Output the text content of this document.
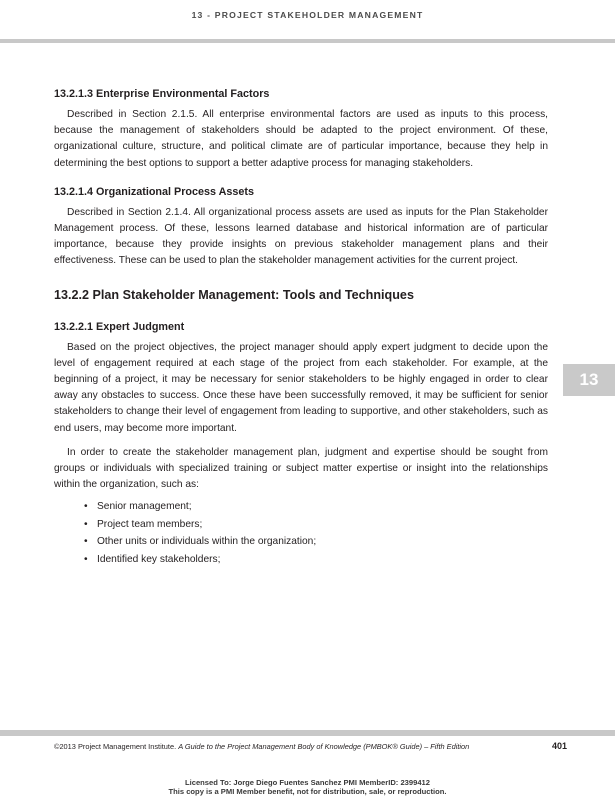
13 - PROJECT STAKEHOLDER MANAGEMENT
13
13.2.1.3 Enterprise Environmental Factors

Described in Section 2.1.5. All enterprise environmental factors are used as inputs to this process, because the management of stakeholders should be adapted to the project environment. Of these, organizational culture, structure, and political climate are of particular importance, because they help in determining the best options to support a better adaptive process for managing stakeholders.

13.2.1.4 Organizational Process Assets

Described in Section 2.1.4. All organizational process assets are used as inputs for the Plan Stakeholder Management process. Of these, lessons learned database and historical information are of particular importance, because they provide insights on previous stakeholder management plans and their effectiveness. These can be used to plan the stakeholder management activities for the current project.

13.2.2 Plan Stakeholder Management: Tools and Techniques
13.2.2.1 Expert Judgment

Based on the project objectives, the project manager should apply expert judgment to decide upon the level of engagement required at each stage of the project from each stakeholder. For example, at the beginning of a project, it may be necessary for senior stakeholders to be highly engaged in order to clear away any obstacles to success. Once these have been successfully removed, it may be sufficient for senior stakeholders to change their level of engagement from leading to supportive, and other stakeholders, such as end users, may become more important.

In order to create the stakeholder management plan, judgment and expertise should be sought from groups or individuals with specialized training or subject matter expertise or insight into the relationships within the organization, such as:

• Senior management;
• Project team members;
• Other units or individuals within the organization;
• Identified key stakeholders;
©2013 Project Management Institute. A Guide to the Project Management Body of Knowledge (PMBOK® Guide) – Fifth Edition	401
Licensed To: Jorge Diego Fuentes Sanchez PMI MemberID: 2399412
This copy is a PMI Member benefit, not for distribution, sale, or reproduction.
